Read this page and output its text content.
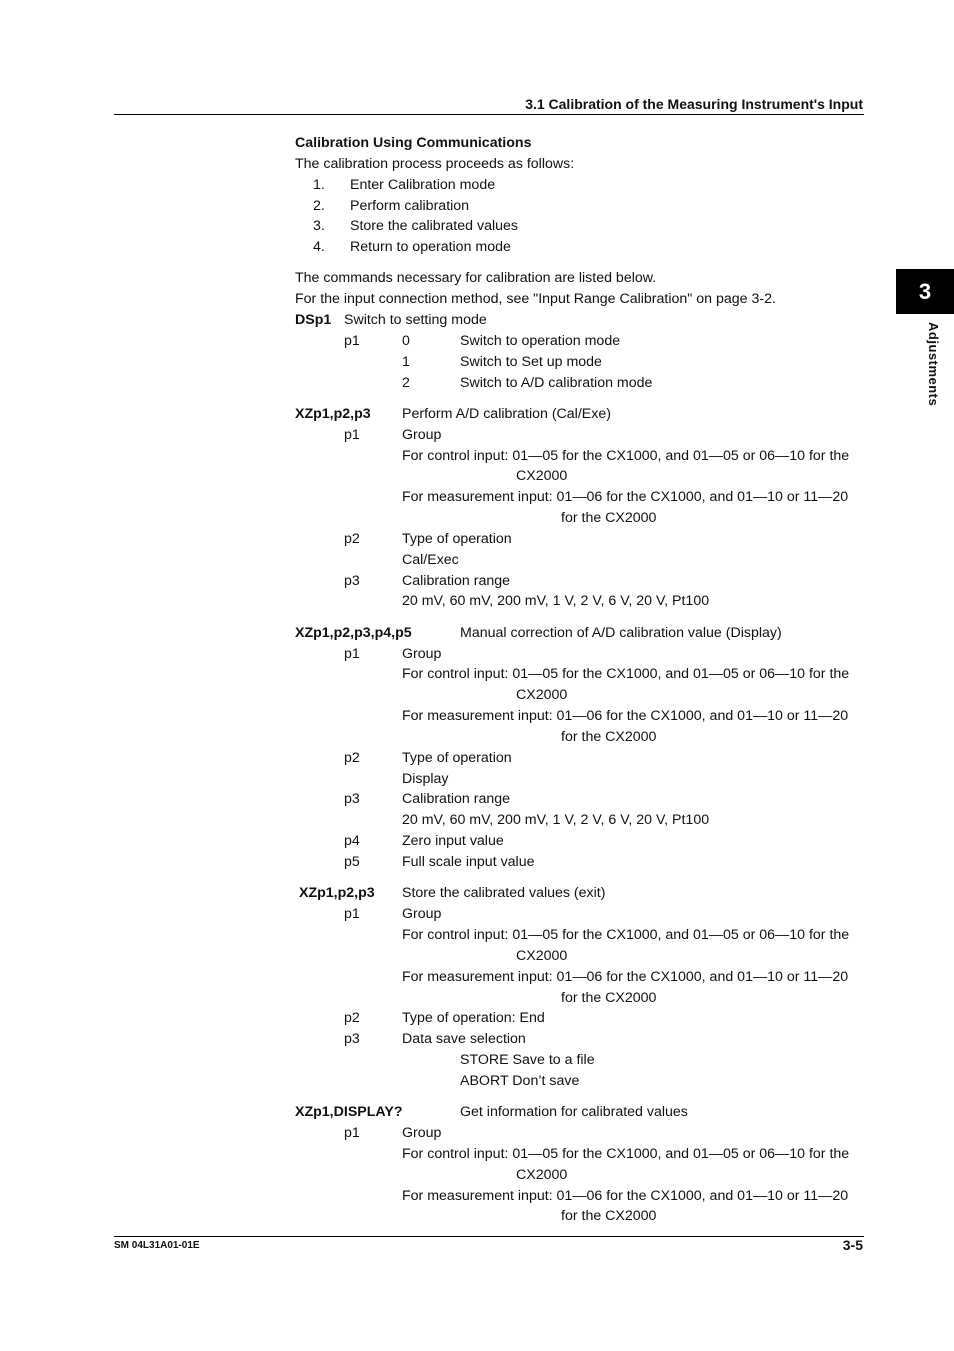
3.1 Calibration of the Measuring Instrument's Input
3
Adjustments
Calibration Using Communications
The calibration process proceeds as follows:
1. Enter Calibration mode
2. Perform calibration
3. Store the calibrated values
4. Return to operation mode
The commands necessary for calibration are listed below.
For the input connection method, see "Input Range Calibration" on page 3-2.
DSp1 Switch to setting mode
p1	0	Switch to operation mode
1	Switch to Set up mode
2	Switch to A/D calibration mode
XZp1,p2,p3 Perform A/D calibration (Cal/Exe)
p1	Group
For control input: 01—05 for the CX1000, and 01—05 or 06—10 for the
CX2000
For measurement input: 01—06 for the CX1000, and 01—10 or 11—20
for the CX2000
p2	Type of operation
Cal/Exec
p3	Calibration range
20 mV, 60 mV, 200 mV, 1 V, 2 V, 6 V, 20 V, Pt100
XZp1,p2,p3,p4,p5	Manual correction of A/D calibration value (Display)
p1	Group
For control input: 01—05 for the CX1000, and 01—05 or 06—10 for the
CX2000
For measurement input: 01—06 for the CX1000, and 01—10 or 11—20
for the CX2000
p2	Type of operation
Display
p3	Calibration range
20 mV, 60 mV, 200 mV, 1 V, 2 V, 6 V, 20 V, Pt100
p4	Zero input value
p5	Full scale input value
XZp1,p2,p3 Store the calibrated values (exit)
p1	Group
For control input: 01—05 for the CX1000, and 01—05 or 06—10 for the
CX2000
For measurement input: 01—06 for the CX1000, and 01—10 or 11—20
for the CX2000
p2	Type of operation: End
p3	Data save selection
STORE Save to a file
ABORT Don’t save
XZp1,DISPLAY?	Get information for calibrated values
p1	Group
For control input: 01—05 for the CX1000, and 01—05 or 06—10 for the
CX2000
For measurement input: 01—06 for the CX1000, and 01—10 or 11—20
for the CX2000
SM 04L31A01-01E	3-5
